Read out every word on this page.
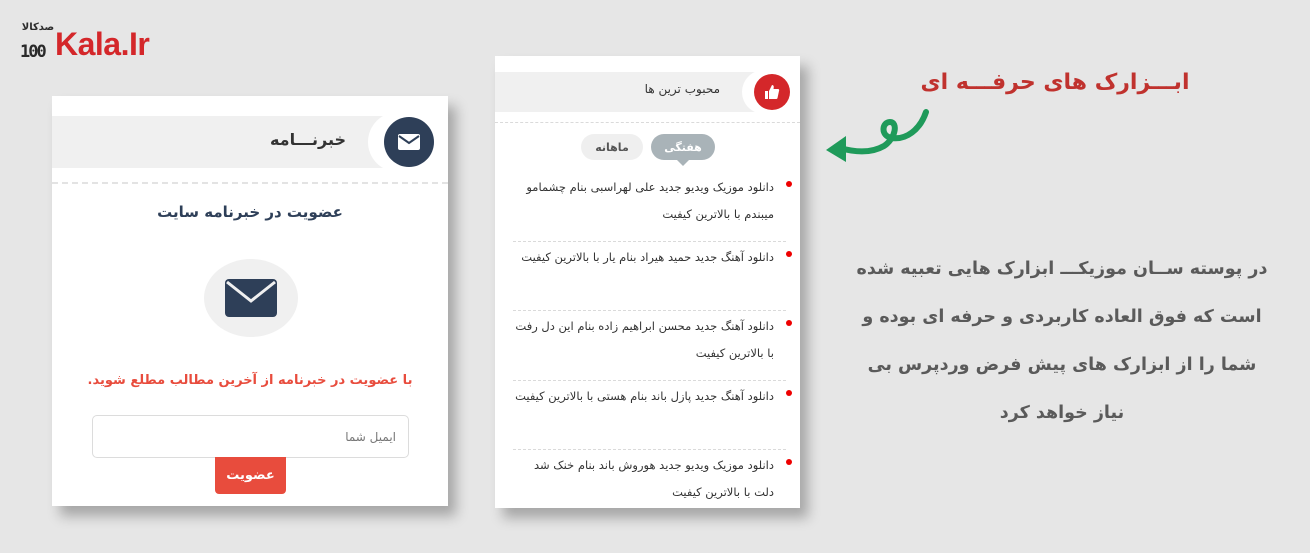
صدکالا
100 Kala.Ir
خبرنـــامه
عضویت در خبرنامه سایت
با عضویت در خبرنامه از آخرین مطالب مطلع شوید.
ایمیل شما
عضویت
محبوب ترین ها
ماهانه	هفتگی
دانلود موزیک ویدیو جدید علی لهراسبی بنام چشمامو میبندم با بالاترین کیفیت
دانلود آهنگ جدید حمید هیراد بنام یار با بالاترین کیفیت
دانلود آهنگ جدید محسن ابراهیم زاده بنام این دل رفت با بالاترین کیفیت
دانلود آهنگ جدید پازل باند بنام هستی با بالاترین کیفیت
دانلود موزیک ویدیو جدید هوروش باند بنام خنک شد دلت با بالاترین کیفیت
ابـــزارک های حرفـــه ای
در پوسته ســان موزیکـــ ابزارک هایی تعبیه شده است که فوق العاده کاربردی و حرفه ای بوده و شما را از ابزارک های پیش فرض وردپرس بی نیاز خواهد کرد
